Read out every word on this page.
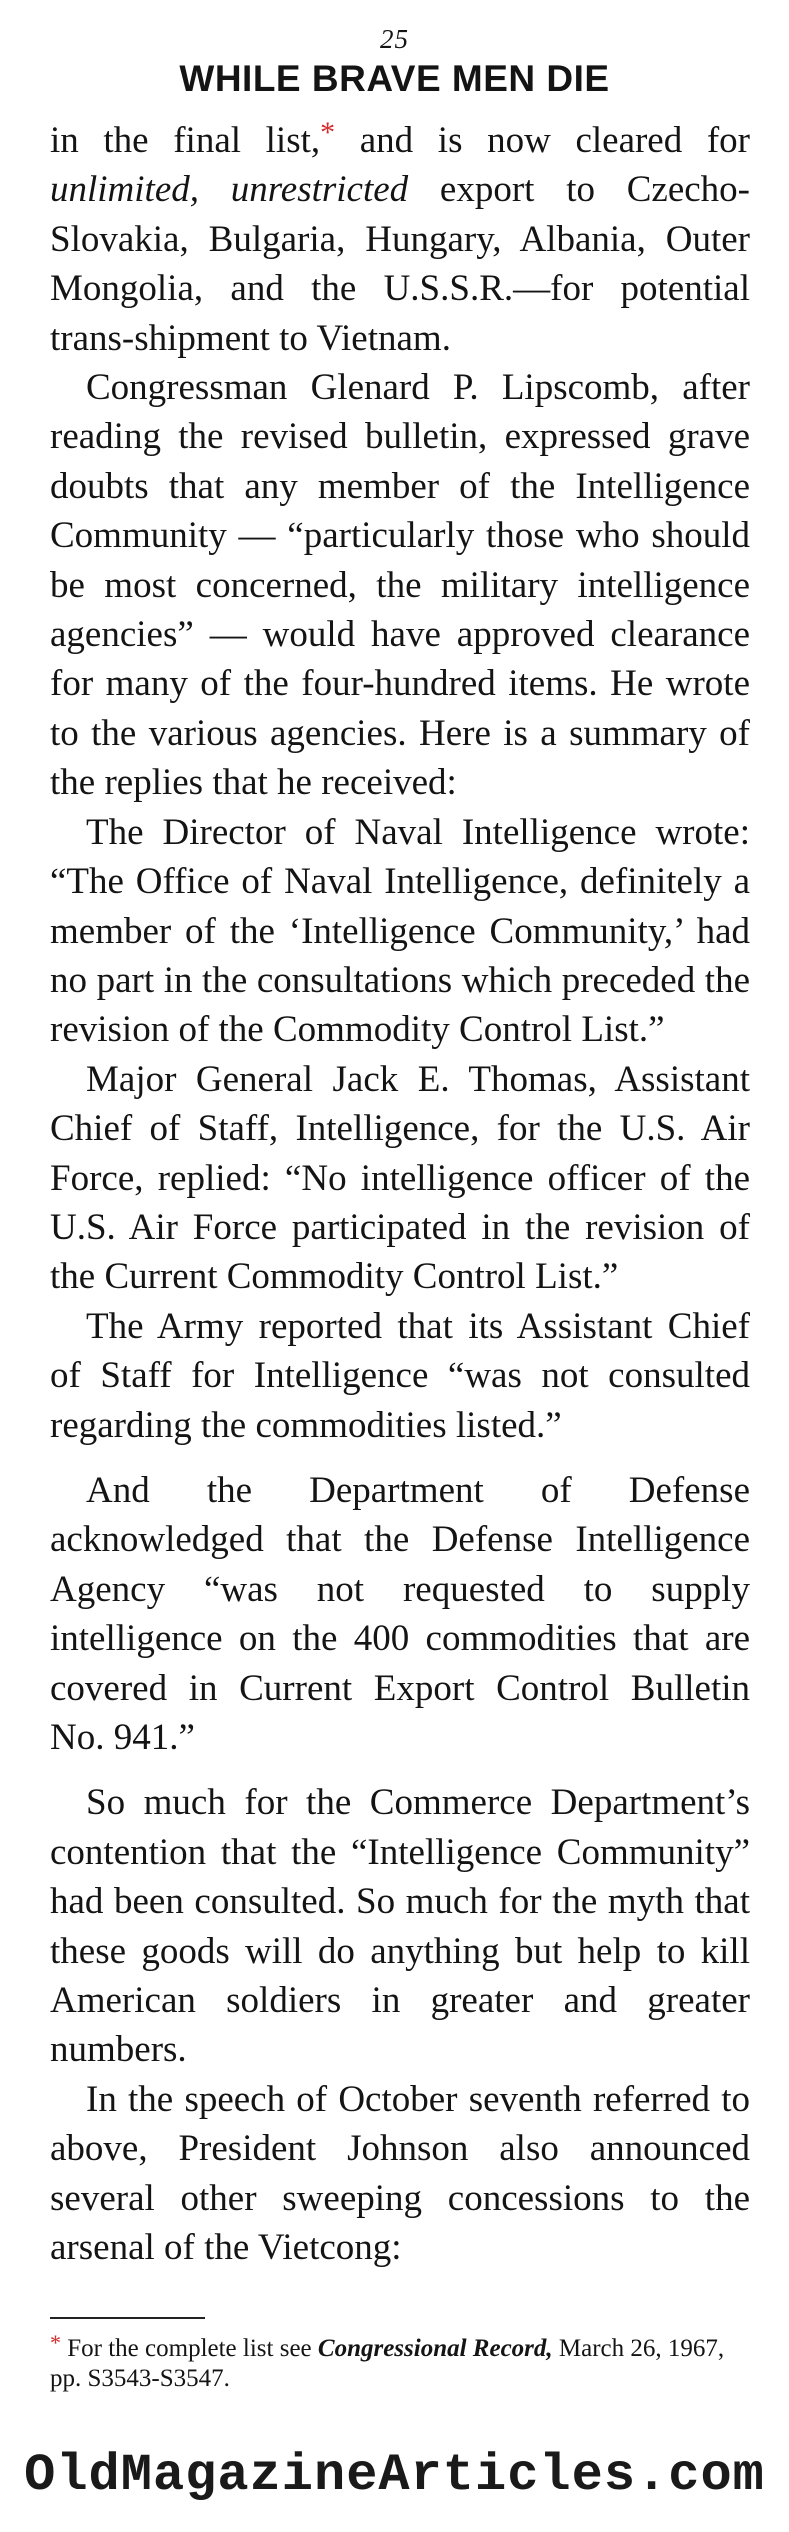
25
WHILE BRAVE MEN DIE

in the final list,* and is now cleared for unlimited, unrestricted export to Czecho-Slovakia, Bulgaria, Hungary, Albania, Outer Mongolia, and the U.S.S.R.—for potential trans-shipment to Vietnam.

Congressman Glenard P. Lipscomb, after reading the revised bulletin, expressed grave doubts that any member of the Intelligence Community — “particularly those who should be most concerned, the military intelligence agencies” — would have approved clearance for many of the four-hundred items. He wrote to the various agencies. Here is a summary of the replies that he received:

The Director of Naval Intelligence wrote: “The Office of Naval Intelligence, definitely a member of the ‘Intelligence Community,’ had no part in the consultations which preceded the revision of the Commodity Control List.”

Major General Jack E. Thomas, Assistant Chief of Staff, Intelligence, for the U.S. Air Force, replied: “No intelligence officer of the U.S. Air Force participated in the revision of the Current Commodity Control List.”

The Army reported that its Assistant Chief of Staff for Intelligence “was not consulted regarding the commodities listed.”

And the Department of Defense acknowledged that the Defense Intelligence Agency “was not requested to supply intelligence on the 400 commodities that are covered in Current Export Control Bulletin No. 941.”

So much for the Commerce Department’s contention that the “Intelligence Community” had been consulted. So much for the myth that these goods will do anything but help to kill American soldiers in greater and greater numbers.

In the speech of October seventh referred to above, President Johnson also announced several other sweeping concessions to the arsenal of the Vietcong:

* For the complete list see Congressional Record, March 26, 1967, pp. S3543-S3547.
OldMagazineArticles.com
